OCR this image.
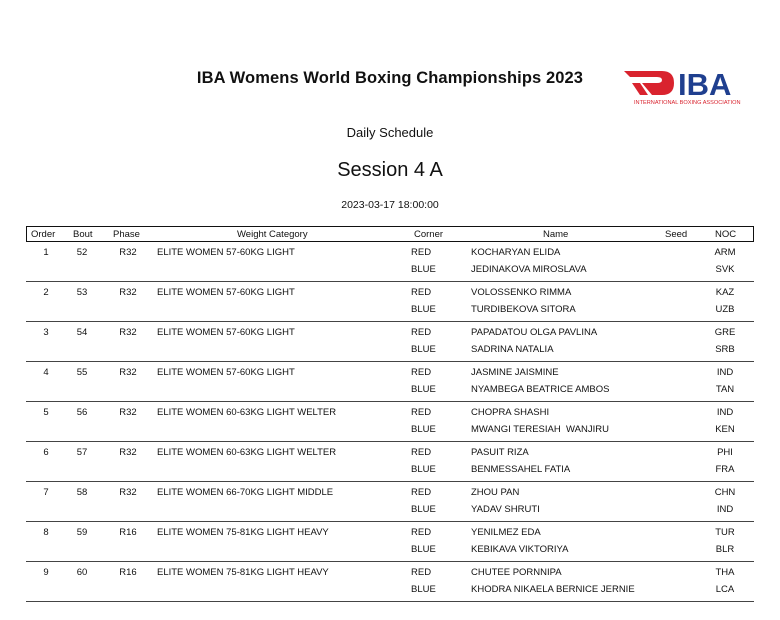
IBA Womens World Boxing Championships 2023	IBA
INTERNATIONAL BOXING ASSOCIATION
Daily Schedule
Session 4 A
2023-03-17 18:00:00
Order Bout Phase	Weight Category	Corner	Name	Seed	NOC
1	52	R32	ELITE WOMEN 57-60KG LIGHT	RED	KOCHARYAN ELIDA	ARM
BLUE	JEDINAKOVA MIROSLAVA	SVK
2	53	R32	ELITE WOMEN 57-60KG LIGHT	RED	VOLOSSENKO RIMMA	KAZ
BLUE	TURDIBEKOVA SITORA	UZB
3	54	R32	ELITE WOMEN 57-60KG LIGHT	RED	PAPADATOU OLGA PAVLINA	GRE
BLUE	SADRINA NATALIA	SRB
4	55	R32	ELITE WOMEN 57-60KG LIGHT	RED	JASMINE JAISMINE	IND
BLUE	NYAMBEGA BEATRICE AMBOS	TAN
5	56	R32	ELITE WOMEN 60-63KG LIGHT WELTER	RED	CHOPRA SHASHI	IND
BLUE	MWANGI TERESIAH  WANJIRU	KEN
6	57	R32	ELITE WOMEN 60-63KG LIGHT WELTER	RED	PASUIT RIZA	PHI
BLUE	BENMESSAHEL FATIA	FRA
7	58	R32	ELITE WOMEN 66-70KG LIGHT MIDDLE	RED	ZHOU PAN	CHN
BLUE	YADAV SHRUTI	IND
8	59	R16	ELITE WOMEN 75-81KG LIGHT HEAVY	RED	YENILMEZ EDA	TUR
BLUE	KEBIKAVA VIKTORIYA	BLR
9	60	R16	ELITE WOMEN 75-81KG LIGHT HEAVY	RED	CHUTEE PORNNIPA	THA
BLUE	KHODRA NIKAELA BERNICE JERNIE	LCA
